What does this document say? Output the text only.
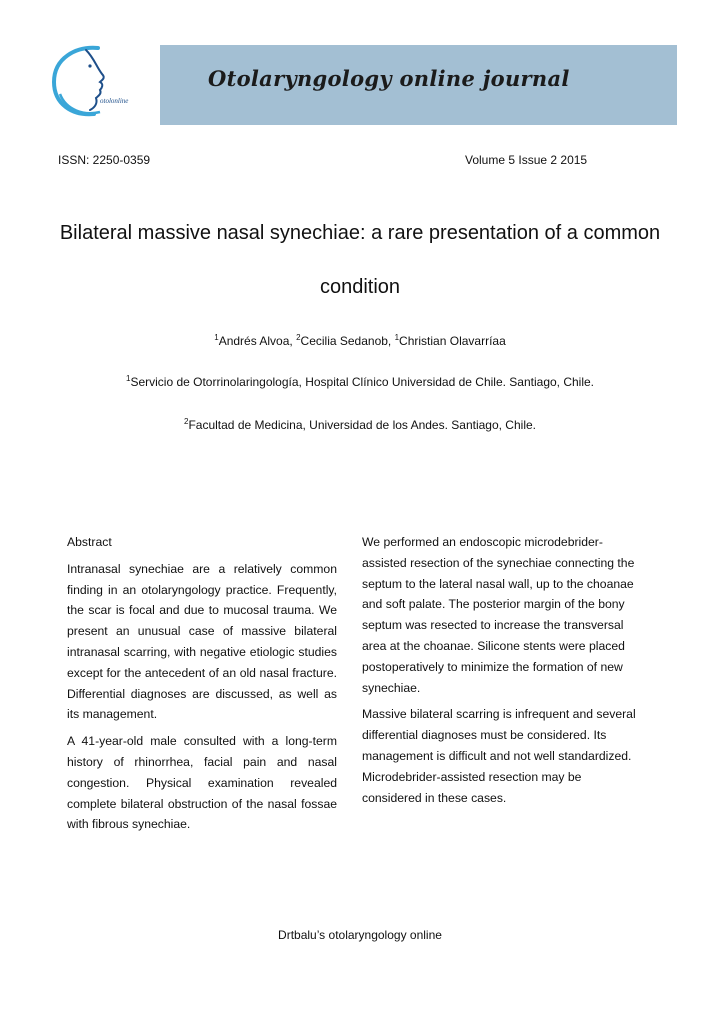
otolonline
Otolaryngology online journal
ISSN: 2250-0359	Volume 5 Issue 2 2015
Bilateral massive nasal synechiae: a rare presentation of a common
condition
$^1$Andrés Alvoa, $^2$Cecilia Sedanob, $^1$Christian Olavarríaa
$^1$Servicio de Otorrinolaringología, Hospital Clínico Universidad de Chile. Santiago, Chile.
$^2$Facultad de Medicina, Universidad de los Andes. Santiago, Chile.

Abstract

Intranasal synechiae are a relatively common finding in an otolaryngology practice. Frequently, the scar is focal and due to mucosal trauma. We present an unusual case of massive bilateral intranasal scarring, with negative etiologic studies except for the antecedent of an old nasal fracture. Differential diagnoses are discussed, as well as its management.

A 41-year-old male consulted with a long-term history of rhinorrhea, facial pain and nasal congestion. Physical examination revealed complete bilateral obstruction of the nasal fossae with fibrous synechiae.

We performed an endoscopic microdebrider-assisted resection of the synechiae connecting the septum to the lateral nasal wall, up to the choanae and soft palate. The posterior margin of the bony septum was resected to increase the transversal area at the choanae. Silicone stents were placed postoperatively to minimize the formation of new synechiae.

Massive bilateral scarring is infrequent and several differential diagnoses must be considered. Its management is difficult and not well standardized. Microdebrider-assisted resection may be considered in these cases.

Drtbalu’s otolaryngology online
